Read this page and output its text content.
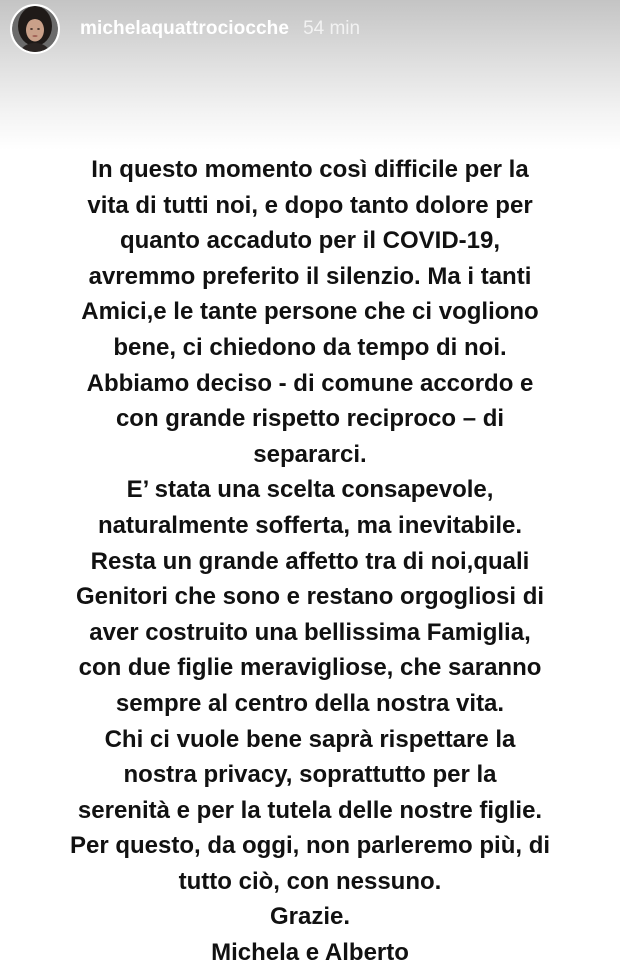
michelaquattrociocche 54 min
In questo momento così difficile per la
vita di tutti noi, e dopo tanto dolore per
quanto accaduto per il COVID-19,
avremmo preferito il silenzio. Ma i tanti
Amici,e le tante persone che ci vogliono
bene, ci chiedono da tempo di noi.
Abbiamo deciso - di comune accordo e
con grande rispetto reciproco – di
separarci.
E’ stata una scelta consapevole,
naturalmente sofferta, ma inevitabile.
Resta un grande affetto tra di noi,quali
Genitori che sono e restano orgogliosi di
aver costruito una bellissima Famiglia,
con due figlie meravigliose, che saranno
sempre al centro della nostra vita.
Chi ci vuole bene saprà rispettare la
nostra privacy, soprattutto per la
serenità e per la tutela delle nostre figlie.
Per questo, da oggi, non parleremo più, di
tutto ciò, con nessuno.
Grazie.
Michela e Alberto
